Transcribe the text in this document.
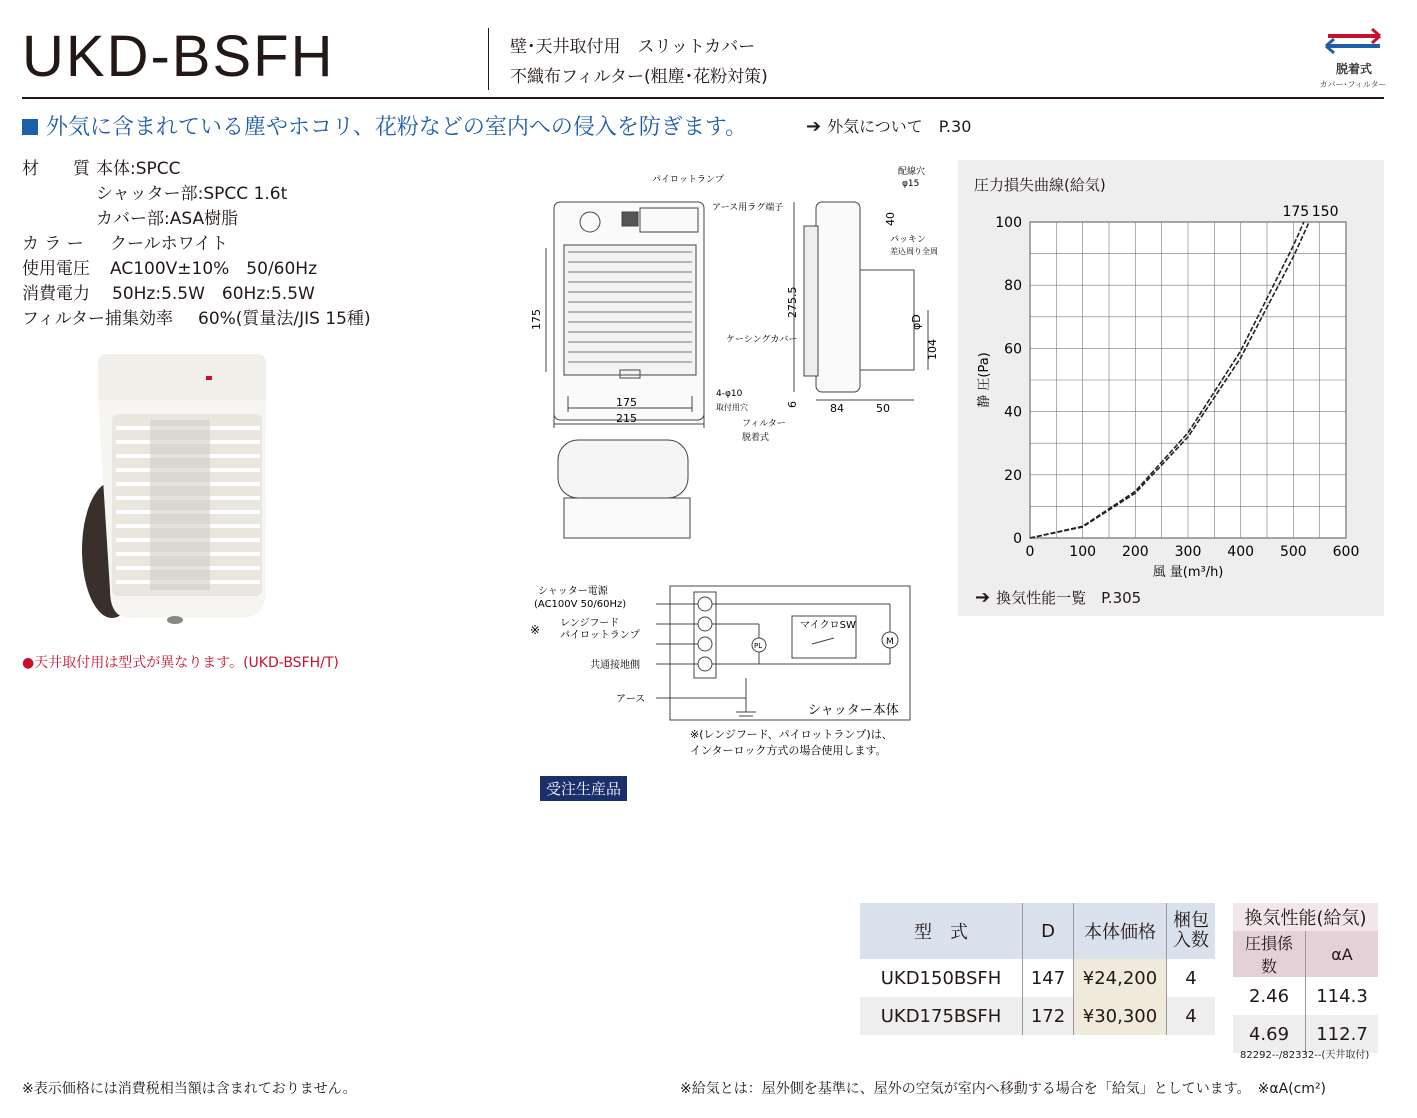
UKD-BSFH	壁･天井取付用　スリットカバー
不織布フィルター(粗塵･花粉対策)	脱着式
カバー･フィルター
外気に含まれている塵やホコリ、花粉などの室内への侵入を防ぎます。	➔ 外気について　P.30
材　　質 本体:SPCC
シャッター部:SPCC 1.6t
カバー部:ASA樹脂
カ ラ ー クールホワイト
使用電圧 AC100V±10%　50/60Hz
消費電力 50Hz:5.5W　60Hz:5.5W
フィルター捕集効率 60%(質量法/JIS 15種)
●天井取付用は型式が異なります。(UKD-BSFH/T)
パイロットランプ
アース用ラグ端子
配線穴
φ15
パッキン
差込周り全周
ケーシングカバー
4-φ10
取付用穴
フィルター
脱着式
175
215
175
275.5
40
φD
104
6	84	50
シャッター電源
(AC100V 50/60Hz)
※ レンジフード
パイロットランプ
共通接地側
アース
マイクロSW
PL	M
シャッター本体
※(レンジフード、パイロットランプ)は、
インターロック方式の場合使用します。
受注生産品
圧力損失曲線(給気)
0 100 200 300 400 500 600
0
20
40
60
80
100
風 量(m³/h)
静 圧(Pa)
175 150
➔ 換気性能一覧　P.305
型　式	D	本体価格	梱包
入数

UKD150BSFH	147	¥24,200	4
UKD175BSFH	172	¥30,300	4
換気性能(給気)	
圧損係数	αA
2.46	114.3
4.69	112.7
82292--/82332--(天井取付)
※表示価格には消費税相当額は含まれておりません。	※給気とは：屋外側を基準に、屋外の空気が室内へ移動する場合を「給気」としています。　※αA(cm²)
